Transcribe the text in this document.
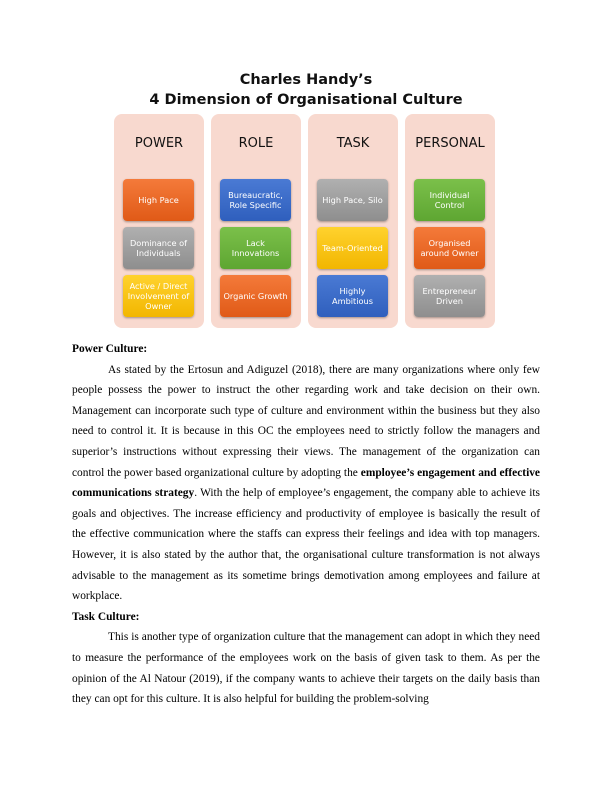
Charles Handy’s
4 Dimension of Organisational Culture
POWER
High Pace
Dominance of Individuals
Active / Direct Involvement of Owner
ROLE
Bureaucratic, Role Specific
Lack Innovations
Organic Growth
TASK
High Pace, Silo
Team-Oriented
Highly Ambitious
PERSONAL
Individual Control
Organised around Owner
Entrepreneur Driven

Power Culture:

As stated by the Ertosun and Adiguzel (2018), there are many organizations where only few people possess the power to instruct the other regarding work and take decision on their own. Management can incorporate such type of culture and environment within the business but they also need to control it. It is because in this OC the employees need to strictly follow the managers and superior’s instructions without expressing their views. The management of the organization can control the power based organizational culture by adopting the employee’s engagement and effective communications strategy. With the help of employee’s engagement, the company able to achieve its goals and objectives. The increase efficiency and productivity of employee is basically the result of the effective communication where the staffs can express their feelings and idea with top managers. However, it is also stated by the author that, the organisational culture transformation is not always advisable to the management as its sometime brings demotivation among employees and failure at workplace.

Task Culture:

This is another type of organization culture that the management can adopt in which they need to measure the performance of the employees work on the basis of given task to them. As per the opinion of the Al Natour (2019), if the company wants to achieve their targets on the daily basis than they can opt for this culture. It is also helpful for building the problem-solving
